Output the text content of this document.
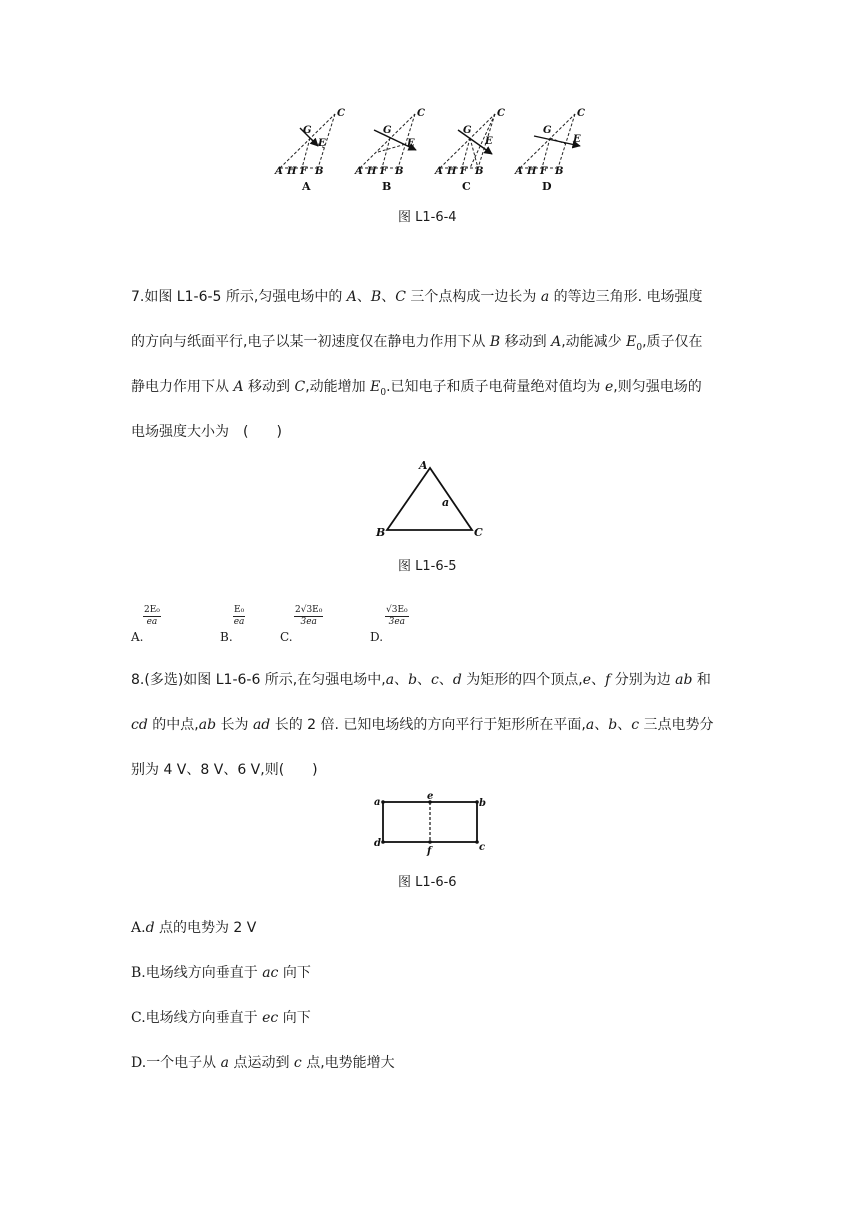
A H F B
C
G
E
A
A H F B
C
G
E
B
A H F B
C
G
E
C
A H F B
C
G
E
D
图 L1-6-4
7.如图 L1-6-5 所示,匀强电场中的 A、B、C 三个点构成一边长为 a 的等边三角形. 电场强度
的方向与纸面平行,电子以某一初速度仅在静电力作用下从 B 移动到 A,动能减少 $E_0$,质子仅在
静电力作用下从 A 移动到 C,动能增加 $E_0$.已知电子和质子电荷量绝对值均为 e,则匀强电场的
电场强度大小为　(　　)
A
B	C
a
图 L1-6-5
A.
$\frac{\text{2E₀}}{ea}$
B.
$\frac{\text{E₀}}{ea}$
C.
$\frac{\text{2√3E₀}}{3ea}$
D.
$\frac{\text{√3E₀}}{3ea}$
8.(多选)如图 L1-6-6 所示,在匀强电场中,a、b、c、d 为矩形的四个顶点,e、f 分别为边 ab 和
cd 的中点,ab 长为 ad 长的 2 倍. 已知电场线的方向平行于矩形所在平面,a、b、c 三点电势分
别为 4 V、8 V、6 V,则(　　)
a	b
c
d
e
f
图 L1-6-6
A.d 点的电势为 2 V
B.电场线方向垂直于 ac 向下
C.电场线方向垂直于 ec 向下
D.一个电子从 a 点运动到 c 点,电势能增大
